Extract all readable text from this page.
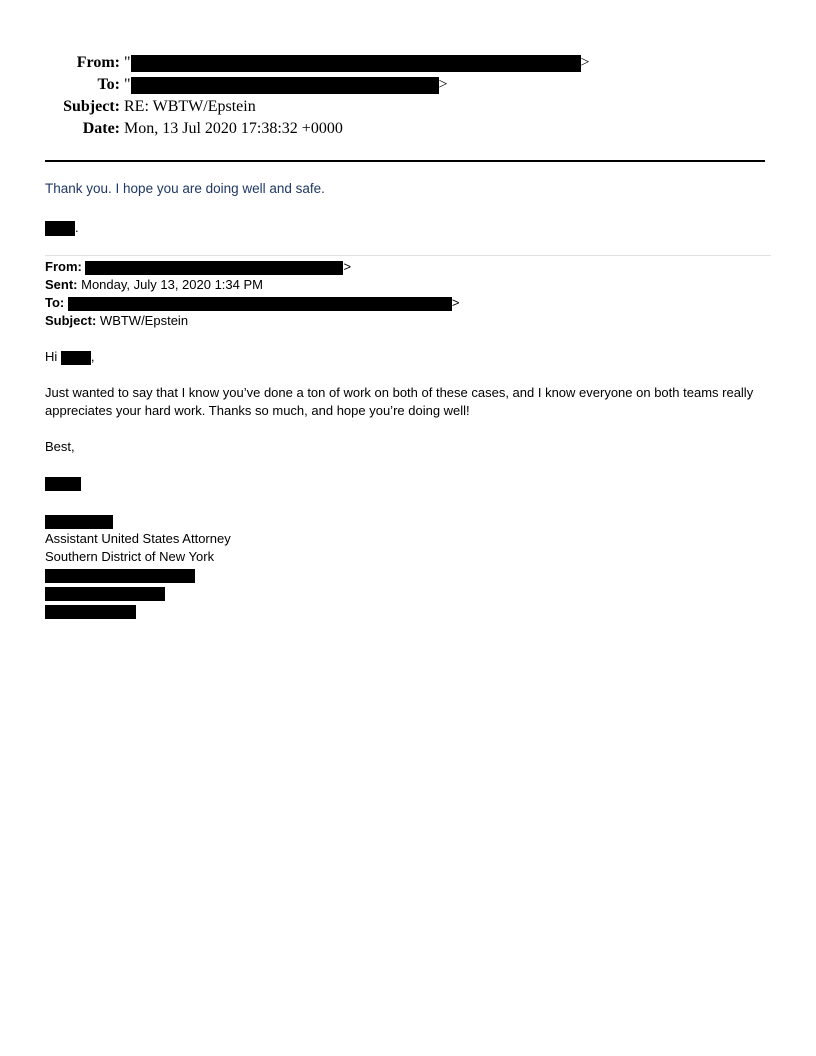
From: "	>
To: "	>
Subject: RE: WBTW/Epstein
Date: Mon, 13 Jul 2020 17:38:32 +0000
Thank you. I hope you are doing well and safe.
.
From:	>
Sent: Monday, July 13, 2020 1:34 PM
To:	>
Subject: WBTW/Epstein
Hi ,
Just wanted to say that I know you’ve done a ton of work on both of these cases, and I know everyone on both teams really appreciates your hard work. Thanks so much, and hope you’re doing well!
Best,
Assistant United States Attorney
Southern District of New York
